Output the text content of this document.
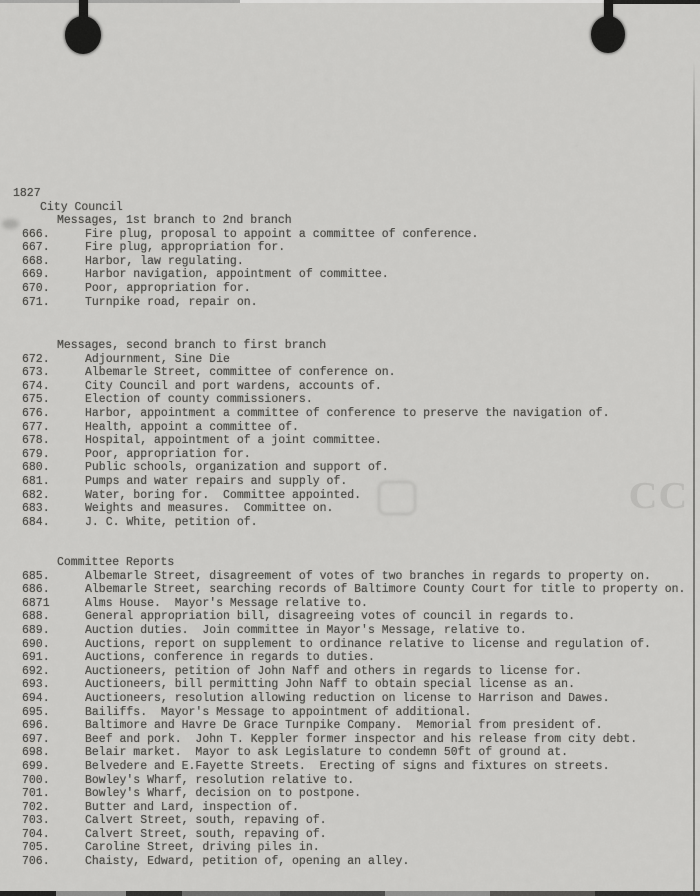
CC
1827
City Council
Messages, 1st branch to 2nd branch
666.	Fire plug, proposal to appoint a committee of conference.
667.	Fire plug, appropriation for.
668.	Harbor, law regulating.
669.	Harbor navigation, appointment of committee.
670.	Poor, appropriation for.
671.	Turnpike road, repair on.
Messages, second branch to first branch
672.	Adjournment, Sine Die
673.	Albemarle Street, committee of conference on.
674.	City Council and port wardens, accounts of.
675.	Election of county commissioners.
676.	Harbor, appointment a committee of conference to preserve the navigation of.
677.	Health, appoint a committee of.
678.	Hospital, appointment of a joint committee.
679.	Poor, appropriation for.
680.	Public schools, organization and support of.
681.	Pumps and water repairs and supply of.
682.	Water, boring for.  Committee appointed.
683.	Weights and measures.  Committee on.
684.	J. C. White, petition of.
Committee Reports
685.	Albemarle Street, disagreement of votes of two branches in regards to property on.
686.	Albemarle Street, searching records of Baltimore County Court for title to property on.
6871	Alms House.  Mayor's Message relative to.
688.	General appropriation bill, disagreeing votes of council in regards to.
689.	Auction duties.  Join committee in Mayor's Message, relative to.
690.	Auctions, report on supplement to ordinance relative to license and regulation of.
691.	Auctions, conference in regards to duties.
692.	Auctioneers, petition of John Naff and others in regards to license for.
693.	Auctioneers, bill permitting John Naff to obtain special license as an.
694.	Auctioneers, resolution allowing reduction on license to Harrison and Dawes.
695.	Bailiffs.  Mayor's Message to appointment of additional.
696.	Baltimore and Havre De Grace Turnpike Company.  Memorial from president of.
697.	Beef and pork.  John T. Keppler former inspector and his release from city debt.
698.	Belair market.  Mayor to ask Legislature to condemn 50ft of ground at.
699.	Belvedere and E.Fayette Streets.  Erecting of signs and fixtures on streets.
700.	Bowley's Wharf, resolution relative to.
701.	Bowley's Wharf, decision on to postpone.
702.	Butter and Lard, inspection of.
703.	Calvert Street, south, repaving of.
704.	Calvert Street, south, repaving of.
705.	Caroline Street, driving piles in.
706.	Chaisty, Edward, petition of, opening an alley.
